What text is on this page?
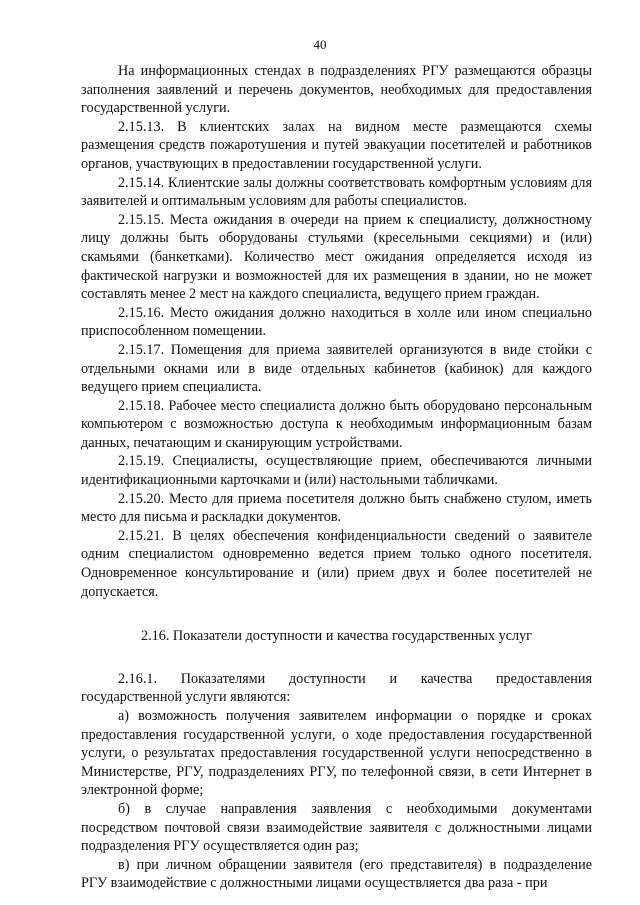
40

На информационных стендах в подразделениях РГУ размещаются образцы заполнения заявлений и перечень документов, необходимых для предоставления государственной услуги.

2.15.13. В клиентских залах на видном месте размещаются схемы размещения средств пожаротушения и путей эвакуации посетителей и работников органов, участвующих в предоставлении государственной услуги.

2.15.14. Клиентские залы должны соответствовать комфортным условиям для заявителей и оптимальным условиям для работы специалистов.

2.15.15. Места ожидания в очереди на прием к специалисту, должностному лицу должны быть оборудованы стульями (кресельными секциями) и (или) скамьями (банкетками). Количество мест ожидания определяется исходя из фактической нагрузки и возможностей для их размещения в здании, но не может составлять менее 2 мест на каждого специалиста, ведущего прием граждан.

2.15.16. Место ожидания должно находиться в холле или ином специально приспособленном помещении.

2.15.17. Помещения для приема заявителей организуются в виде стойки с отдельными окнами или в виде отдельных кабинетов (кабинок) для каждого ведущего прием специалиста.

2.15.18. Рабочее место специалиста должно быть оборудовано персональным компьютером с возможностью доступа к необходимым информационным базам данных, печатающим и сканирующим устройствами.

2.15.19. Специалисты, осуществляющие прием, обеспечиваются личными идентификационными карточками и (или) настольными табличками.

2.15.20. Место для приема посетителя должно быть снабжено стулом, иметь место для письма и раскладки документов.

2.15.21. В целях обеспечения конфиденциальности сведений о заявителе одним специалистом одновременно ведется прием только одного посетителя. Одновременное консультирование и (или) прием двух и более посетителей не допускается.

2.16. Показатели доступности и качества государственных услуг

2.16.1. Показателями доступности и качества предоставления государственной услуги являются:

а) возможность получения заявителем информации о порядке и сроках предоставления государственной услуги, о ходе предоставления государственной услуги, о результатах предоставления государственной услуги непосредственно в Министерстве, РГУ, подразделениях РГУ, по телефонной связи, в сети Интернет в электронной форме;

б) в случае направления заявления с необходимыми документами посредством почтовой связи взаимодействие заявителя с должностными лицами подразделения РГУ осуществляется один раз;

в) при личном обращении заявителя (его представителя) в подразделение РГУ взаимодействие с должностными лицами осуществляется два раза - при
